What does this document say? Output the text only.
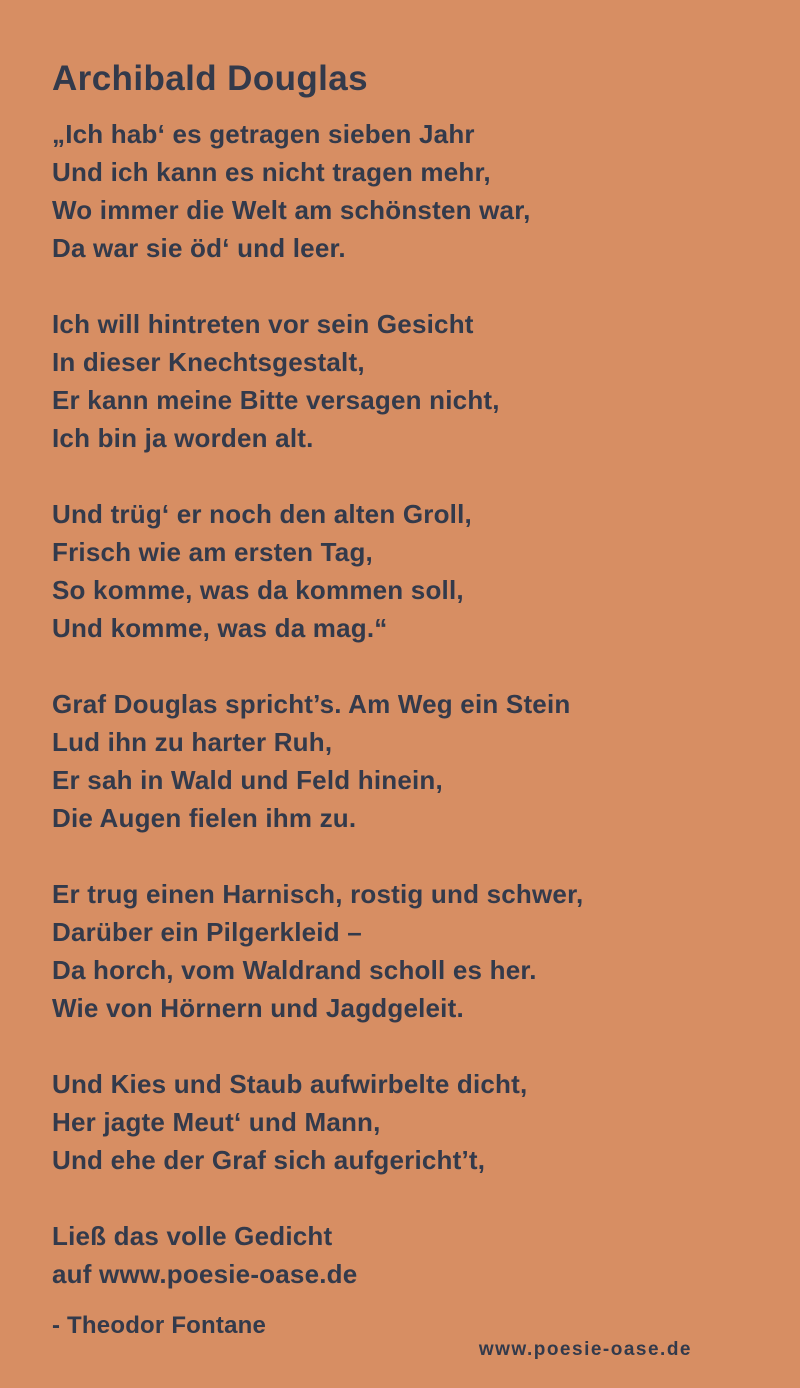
Archibald Douglas
„Ich hab‘ es getragen sieben Jahr
Und ich kann es nicht tragen mehr,
Wo immer die Welt am schönsten war,
Da war sie öd‘ und leer.
Ich will hintreten vor sein Gesicht
In dieser Knechtsgestalt,
Er kann meine Bitte versagen nicht,
Ich bin ja worden alt.
Und trüg‘ er noch den alten Groll,
Frisch wie am ersten Tag,
So komme, was da kommen soll,
Und komme, was da mag.“
Graf Douglas spricht’s. Am Weg ein Stein
Lud ihn zu harter Ruh,
Er sah in Wald und Feld hinein,
Die Augen fielen ihm zu.
Er trug einen Harnisch, rostig und schwer,
Darüber ein Pilgerkleid –
Da horch, vom Waldrand scholl es her.
Wie von Hörnern und Jagdgeleit.
Und Kies und Staub aufwirbelte dicht,
Her jagte Meut‘ und Mann,
Und ehe der Graf sich aufgericht’t,
Ließ das volle Gedicht
auf www.poesie-oase.de
- Theodor Fontane
www.poesie-oase.de
